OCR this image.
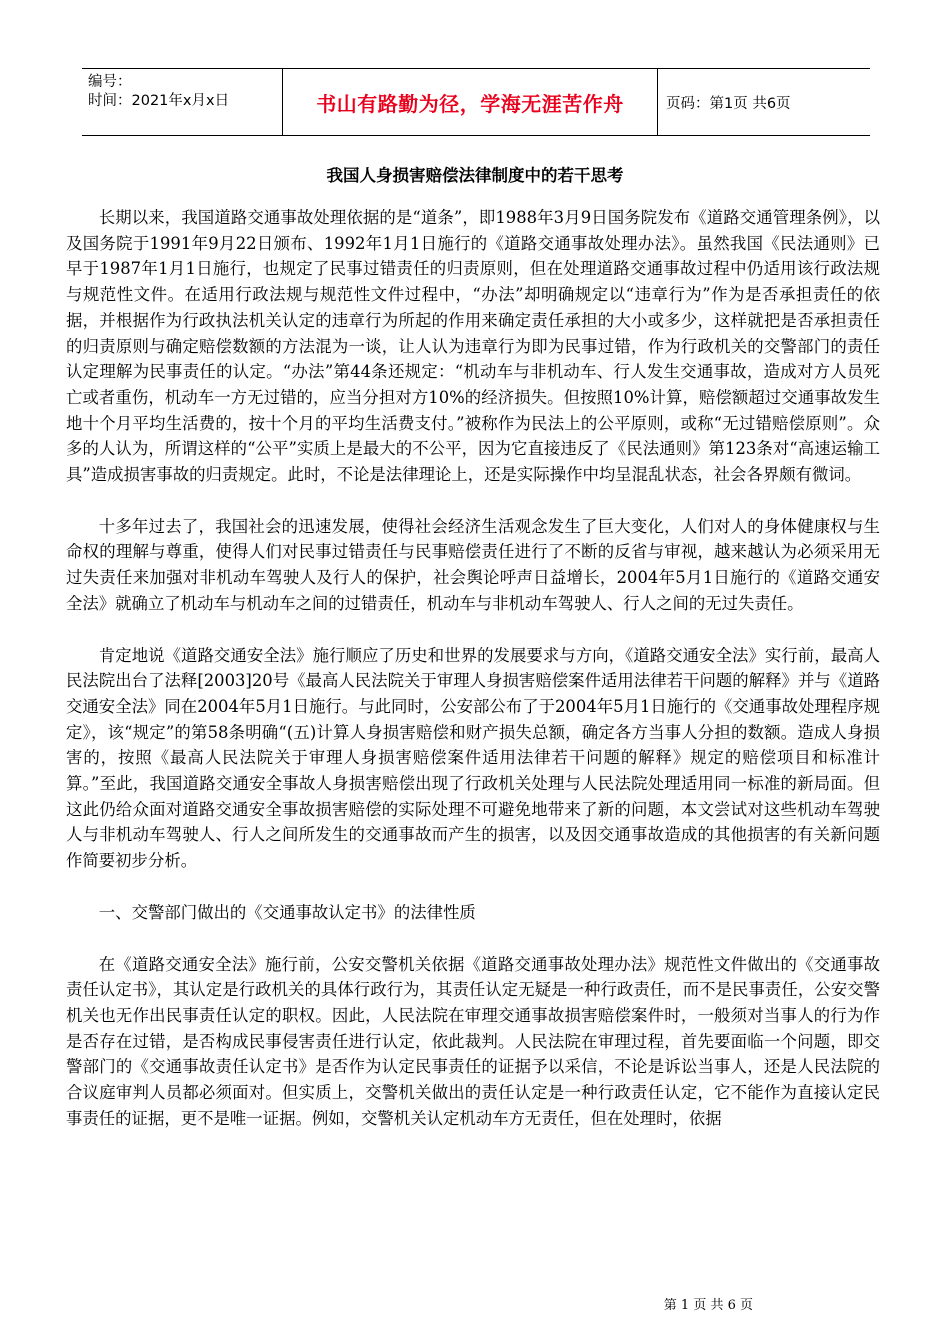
编号：
时间：2021年x月x日	书山有路勤为径，学海无涯苦作舟	页码：第1页 共6页
我国人身损害赔偿法律制度中的若干思考

长期以来，我国道路交通事故处理依据的是“道条”，即1988年3月9日国务院发布《道路交通管理条例》，以及国务院于1991年9月22日颁布、1992年1月1日施行的《道路交通事故处理办法》。虽然我国《民法通则》已早于1987年1月1日施行，也规定了民事过错责任的归责原则，但在处理道路交通事故过程中仍适用该行政法规与规范性文件。在适用行政法规与规范性文件过程中，“办法”却明确规定以“违章行为”作为是否承担责任的依据，并根据作为行政执法机关认定的违章行为所起的作用来确定责任承担的大小或多少，这样就把是否承担责任的归责原则与确定赔偿数额的方法混为一谈，让人认为违章行为即为民事过错，作为行政机关的交警部门的责任认定理解为民事责任的认定。“办法”第44条还规定：“机动车与非机动车、行人发生交通事故，造成对方人员死亡或者重伤，机动车一方无过错的，应当分担对方10%的经济损失。但按照10%计算，赔偿额超过交通事故发生地十个月平均生活费的，按十个月的平均生活费支付。”被称作为民法上的公平原则，或称“无过错赔偿原则”。众多的人认为，所谓这样的“公平”实质上是最大的不公平，因为它直接违反了《民法通则》第123条对“高速运输工具”造成损害事故的归责规定。此时，不论是法律理论上，还是实际操作中均呈混乱状态，社会各界颇有微词。

十多年过去了，我国社会的迅速发展，使得社会经济生活观念发生了巨大变化，人们对人的身体健康权与生命权的理解与尊重，使得人们对民事过错责任与民事赔偿责任进行了不断的反省与审视，越来越认为必须采用无过失责任来加强对非机动车驾驶人及行人的保护，社会舆论呼声日益增长，2004年5月1日施行的《道路交通安全法》就确立了机动车与机动车之间的过错责任，机动车与非机动车驾驶人、行人之间的无过失责任。

肯定地说《道路交通安全法》施行顺应了历史和世界的发展要求与方向，《道路交通安全法》实行前，最高人民法院出台了法释[2003]20号《最高人民法院关于审理人身损害赔偿案件适用法律若干问题的解释》并与《道路交通安全法》同在2004年5月1日施行。与此同时，公安部公布了于2004年5月1日施行的《交通事故处理程序规定》，该“规定”的第58条明确“(五)计算人身损害赔偿和财产损失总额，确定各方当事人分担的数额。造成人身损害的，按照《最高人民法院关于审理人身损害赔偿案件适用法律若干问题的解释》规定的赔偿项目和标准计算。”至此，我国道路交通安全事故人身损害赔偿出现了行政机关处理与人民法院处理适用同一标准的新局面。但这此仍给众面对道路交通安全事故损害赔偿的实际处理不可避免地带来了新的问题，本文尝试对这些机动车驾驶人与非机动车驾驶人、行人之间所发生的交通事故而产生的损害，以及因交通事故造成的其他损害的有关新问题作简要初步分析。

一、交警部门做出的《交通事故认定书》的法律性质

在《道路交通安全法》施行前，公安交警机关依据《道路交通事故处理办法》规范性文件做出的《交通事故责任认定书》，其认定是行政机关的具体行政行为，其责任认定无疑是一种行政责任，而不是民事责任，公安交警机关也无作出民事责任认定的职权。因此，人民法院在审理交通事故损害赔偿案件时，一般须对当事人的行为作是否存在过错，是否构成民事侵害责任进行认定，依此裁判。人民法院在审理过程，首先要面临一个问题，即交警部门的《交通事故责任认定书》是否作为认定民事责任的证据予以采信，不论是诉讼当事人，还是人民法院的合议庭审判人员都必须面对。但实质上，交警机关做出的责任认定是一种行政责任认定，它不能作为直接认定民事责任的证据，更不是唯一证据。例如，交警机关认定机动车方无责任，但在处理时，依据

第 1 页 共 6 页
